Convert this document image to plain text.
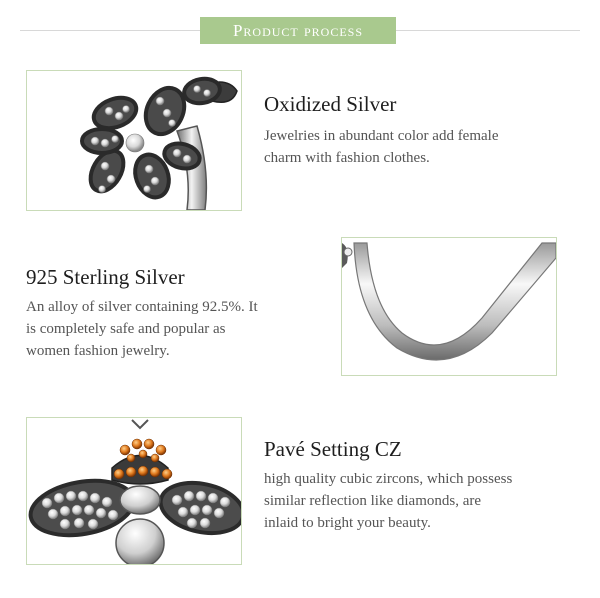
Product process
Oxidized Silver
Jewelries in abundant color add female
charm with fashion clothes.
925 Sterling Silver
An alloy of silver containing 92.5%. It
is completely safe and popular as
women fashion jewelry.
Pavé Setting CZ
high quality cubic zircons, which possess
similar reflection like diamonds, are
inlaid to bright your beauty.
